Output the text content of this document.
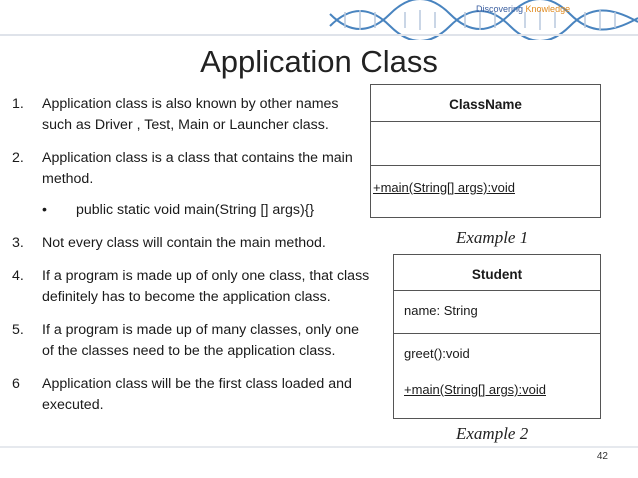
Discovering Knowledge
Application Class
1. Application class is also known by other names such as Driver , Test, Main or Launcher class.
2. Application class is a class that contains the main method.
• public static void main(String [] args){}
3. Not every class will contain the main method.
4. If a program is made up of only one class, that class definitely has to become the application class.
5. If a program is made up of many classes, only one of the classes need to be the application class.
6 Application class will be the first class loaded and executed.
ClassName
+main(String[] args):void
Example 1
Student
name: String
greet():void
+main(String[] args):void
Example 2
42
